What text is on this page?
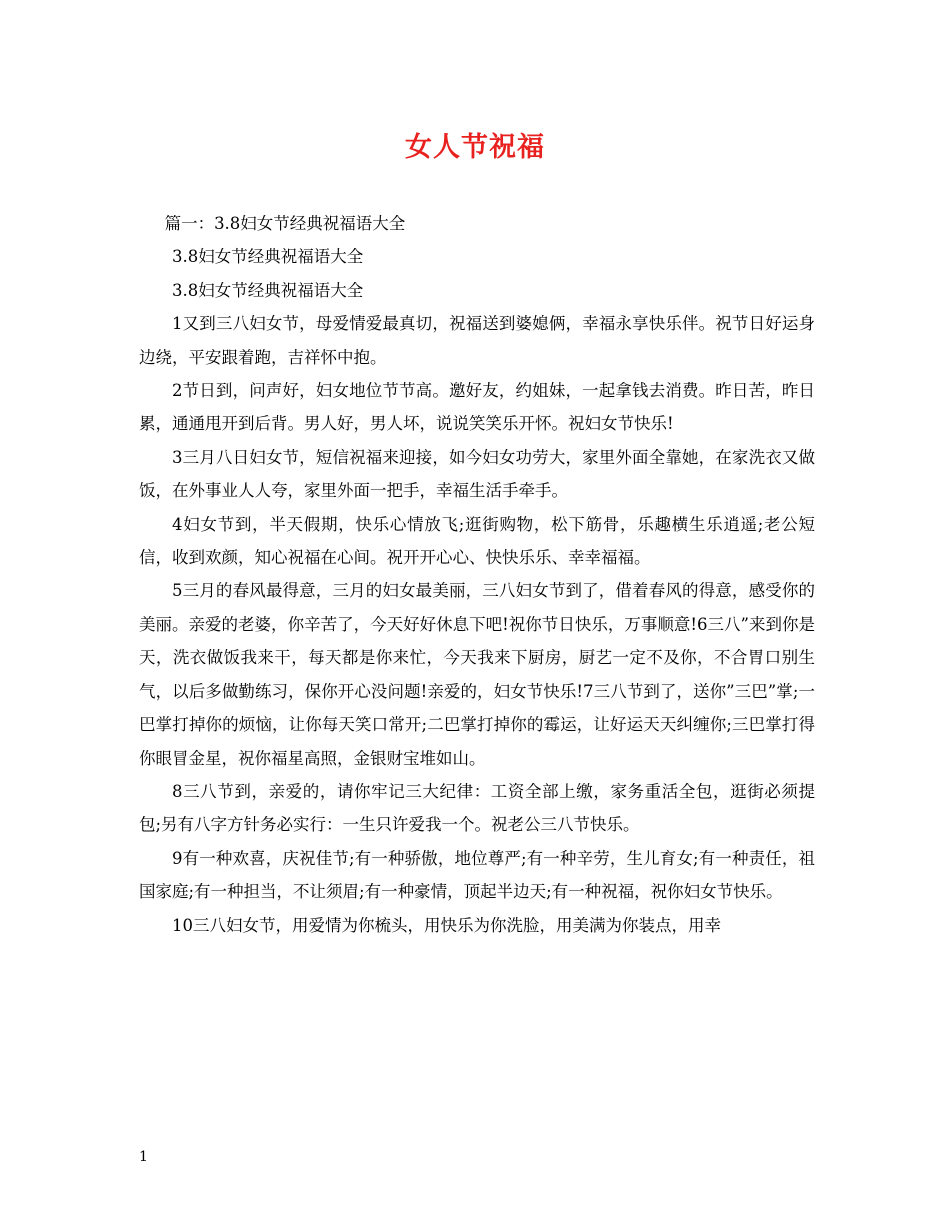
女人节祝福

篇一：3.8妇女节经典祝福语大全

3.8妇女节经典祝福语大全

3.8妇女节经典祝福语大全

1又到三八妇女节，母爱情爱最真切，祝福送到婆媳俩，幸福永享快乐伴。祝节日好运身边绕，平安跟着跑，吉祥怀中抱。

2节日到，问声好，妇女地位节节高。邀好友，约姐妹，一起拿钱去消费。昨日苦，昨日累，通通甩开到后背。男人好，男人坏，说说笑笑乐开怀。祝妇女节快乐!

3三月八日妇女节，短信祝福来迎接，如今妇女功劳大，家里外面全靠她，在家洗衣又做饭，在外事业人人夸，家里外面一把手，幸福生活手牵手。

4妇女节到，半天假期，快乐心情放飞;逛街购物，松下筋骨，乐趣横生乐逍遥;老公短信，收到欢颜，知心祝福在心间。祝开开心心、快快乐乐、幸幸福福。

5三月的春风最得意，三月的妇女最美丽，三八妇女节到了，借着春风的得意，感受你的美丽。亲爱的老婆，你辛苦了，今天好好休息下吧!祝你节日快乐，万事顺意!6三八”来到你是天，洗衣做饭我来干，每天都是你来忙，今天我来下厨房，厨艺一定不及你，不合胃口别生气，以后多做勤练习，保你开心没问题!亲爱的，妇女节快乐!7三八节到了，送你”三巴”掌;一巴掌打掉你的烦恼，让你每天笑口常开;二巴掌打掉你的霉运，让好运天天纠缠你;三巴掌打得你眼冒金星，祝你福星高照，金银财宝堆如山。

8三八节到，亲爱的，请你牢记三大纪律：工资全部上缴，家务重活全包，逛街必须提包;另有八字方针务必实行：一生只许爱我一个。祝老公三八节快乐。

9有一种欢喜，庆祝佳节;有一种骄傲，地位尊严;有一种辛劳，生儿育女;有一种责任，祖国家庭;有一种担当，不让须眉;有一种豪情，顶起半边天;有一种祝福，祝你妇女节快乐。

10三八妇女节，用爱情为你梳头，用快乐为你洗脸，用美满为你装点，用幸

1
